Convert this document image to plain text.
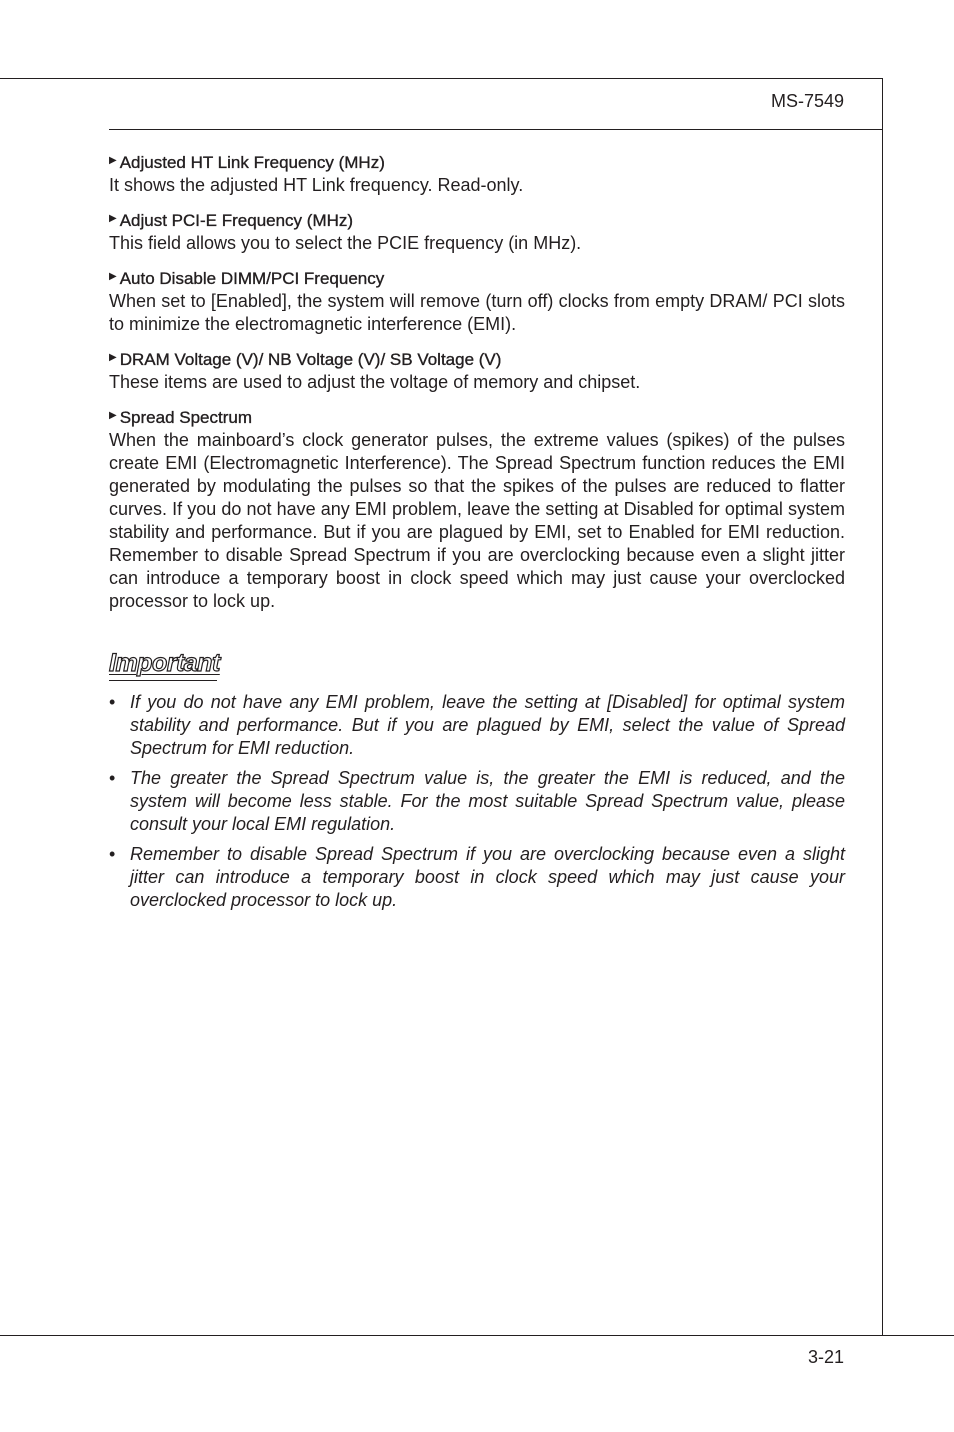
MS-7549

▶ Adjusted HT Link Frequency (MHz)

It shows the adjusted HT Link frequency. Read-only.

▶ Adjust PCI-E Frequency (MHz)

This field allows you to select the PCIE frequency (in MHz).

▶ Auto Disable DIMM/PCI Frequency

When set to [Enabled], the system will remove (turn off) clocks from empty DRAM/ PCI slots to minimize the electromagnetic interference (EMI).

▶ DRAM Voltage (V)/ NB Voltage (V)/ SB Voltage (V)

These items are used to adjust the voltage of memory and chipset.

▶ Spread Spectrum

When the mainboard’s clock generator pulses, the extreme values (spikes) of the pulses create EMI (Electromagnetic Interference). The Spread Spectrum function reduces the EMI generated by modulating the pulses so that the spikes of the pulses are reduced to flatter curves. If you do not have any EMI problem, leave the setting at Disabled for optimal system stability and performance. But if you are plagued by EMI, set to Enabled for EMI reduction. Remember to disable Spread Spectrum if you are overclocking because even a slight jitter can introduce a temporary boost in clock speed which may just cause your overclocked processor to lock up.

Important

• If you do not have any EMI problem, leave the setting at [Disabled] for optimal system stability and performance. But if you are plagued by EMI, select the value of Spread Spectrum for EMI reduction.
• The greater the Spread Spectrum value is, the greater the EMI is reduced, and the system will become less stable. For the most suitable Spread Spectrum value, please consult your local EMI regulation.
• Remember to disable Spread Spectrum if you are overclocking because even a slight jitter can introduce a temporary boost in clock speed which may just cause your overclocked processor to lock up.

3-21
